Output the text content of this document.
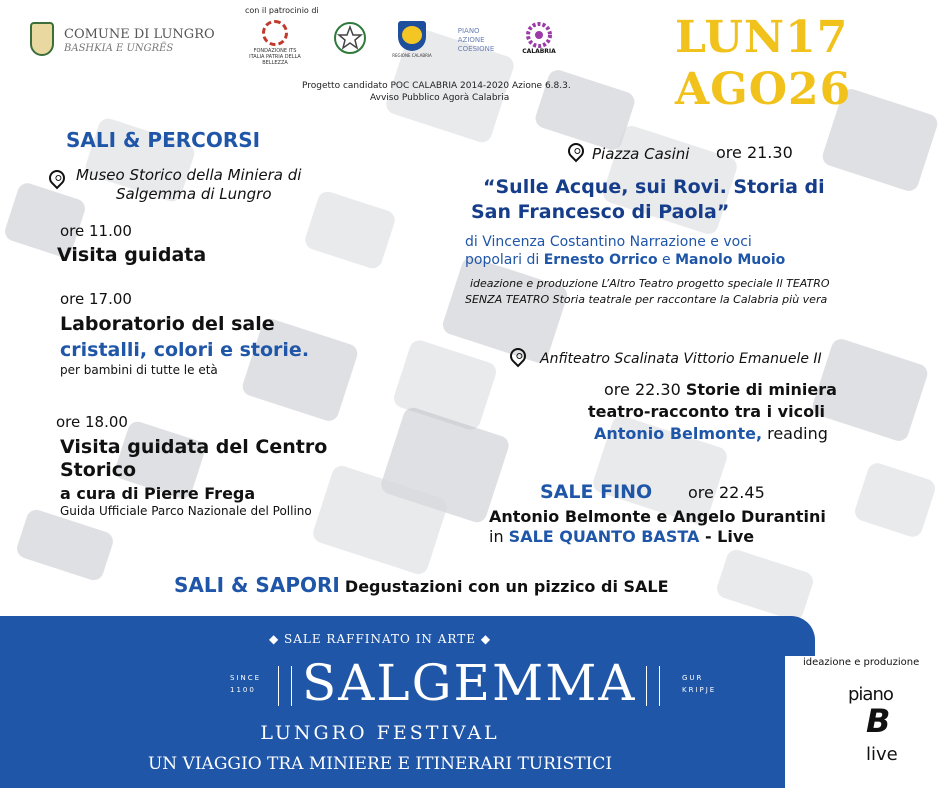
COMUNE DI LUNGRO
BASHKIA E UNGRËS
con il patrocinio di
FONDAZIONE ITS
ITALIA PATRIA DELLA BELLEZZA
REGIONE CALABRIA
PIANO
AZIONE
COESIONE	CALABRIA
Progetto candidato POC CALABRIA 2014-2020 Azione 6.8.3.
Avviso Pubblico Agorà Calabria
LUN17
AGO26
SALI & PERCORSI
Museo Storico della Miniera di
Salgemma di Lungro
ore 11.00
Visita guidata
ore 17.00
Laboratorio del sale
cristalli, colori e storie.
per bambini di tutte le età
ore 18.00
Visita guidata del Centro
Storico
a cura di Pierre Frega
Guida Ufficiale Parco Nazionale del Pollino
Piazza Casini ore 21.30
“Sulle Acque, sui Rovi. Storia di
San Francesco di Paola”
di Vincenza Costantino Narrazione e voci
popolari di Ernesto Orrico e Manolo Muoio
ideazione e produzione L’Altro Teatro progetto speciale Il TEATRO
SENZA TEATRO Storia teatrale per raccontare la Calabria più vera
Anfiteatro Scalinata Vittorio Emanuele II
ore 22.30 Storie di miniera
teatro-racconto tra i vicoli
Antonio Belmonte, reading
SALE FINO ore 22.45
Antonio Belmonte e Angelo Durantini
in SALE QUANTO BASTA - Live
SALI & SAPORI Degustazioni con un pizzico di SALE
◆ SALE RAFFINATO IN ARTE ◆
SINCE
1100 SALGEMMA	GUR
KRIPJE
LUNGRO FESTIVAL
UN VIAGGIO TRA MINIERE E ITINERARI TURISTICI
ideazione e produzione
piano
B
live
